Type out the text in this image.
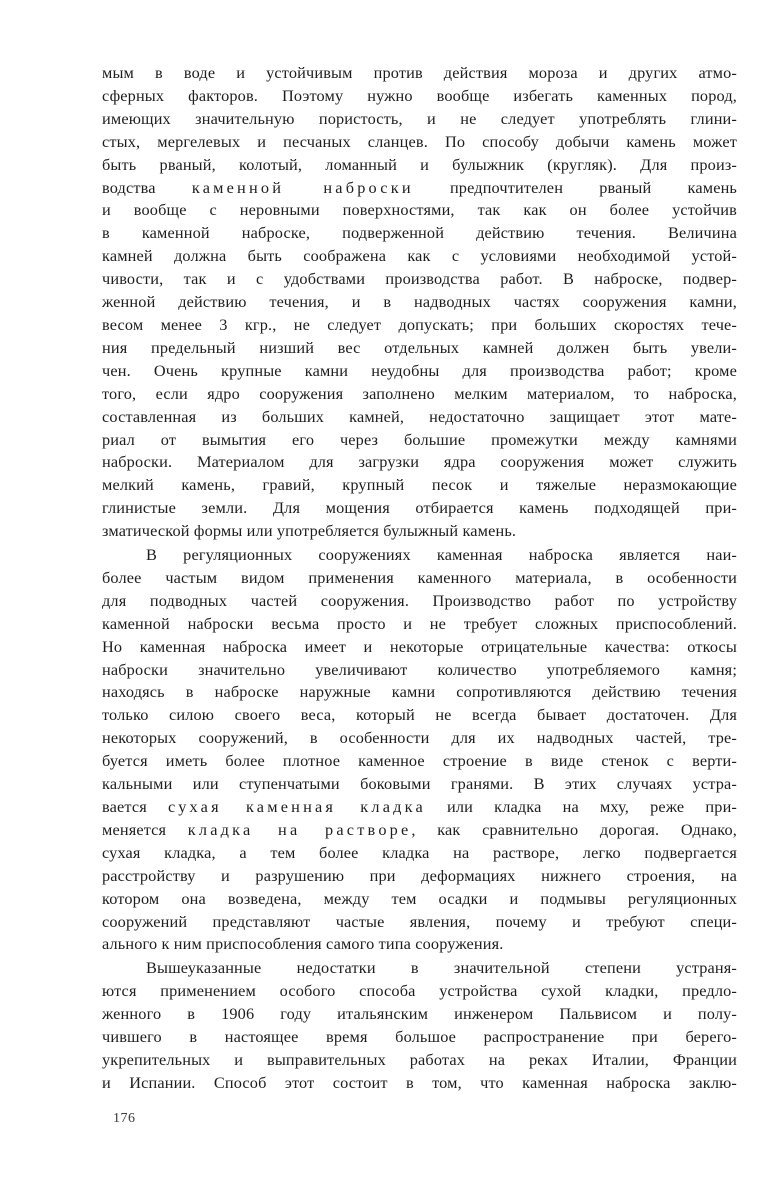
мым в воде и устойчивым против действия мороза и других атмо-
сферных факторов. Поэтому нужно вообще избегать каменных пород,
имеющих значительную пористость, и не следует употреблять глини-
стых, мергелевых и песчаных сланцев. По способу добычи камень может
быть рваный, колотый, ломанный и булыжник (кругляк). Для произ-
водства каменной наброски предпочтителен рваный камень
и вообще с неровными поверхностями, так как он более устойчив
в каменной наброске, подверженной действию течения. Величина
камней должна быть соображена как с условиями необходимой устой-
чивости, так и с удобствами производства работ. В наброске, подвер-
женной действию течения, и в надводных частях сооружения камни,
весом менее 3 кгр., не следует допускать; при больших скоростях тече-
ния предельный низший вес отдельных камней должен быть увели-
чен. Очень крупные камни неудобны для производства работ; кроме
того, если ядро сооружения заполнено мелким материалом, то наброска,
составленная из больших камней, недостаточно защищает этот мате-
риал от вымытия его через большие промежутки между камнями
наброски. Материалом для загрузки ядра сооружения может служить
мелкий камень, гравий, крупный песок и тяжелые неразмокающие
глинистые земли. Для мощения отбирается камень подходящей при-
зматической формы или употребляется булыжный камень.

В регуляционных сооружениях каменная наброска является наи-
более частым видом применения каменного материала, в особенности
для подводных частей сооружения. Производство работ по устройству
каменной наброски весьма просто и не требует сложных приспособлений.
Но каменная наброска имеет и некоторые отрицательные качества: откосы
наброски значительно увеличивают количество употребляемого камня;
находясь в наброске наружные камни сопротивляются действию течения
только силою своего веса, который не всегда бывает достаточен. Для
некоторых сооружений, в особенности для их надводных частей, тре-
буется иметь более плотное каменное строение в виде стенок с верти-
кальными или ступенчатыми боковыми гранями. В этих случаях устра-
вается сухая каменная кладка или кладка на мху, реже при-
меняется кладка на растворе, как сравнительно дорогая. Однако,
сухая кладка, а тем более кладка на растворе, легко подвергается
расстройству и разрушению при деформациях нижнего строения, на
котором она возведена, между тем осадки и подмывы регуляционных
сооружений представляют частые явления, почему и требуют специ-
ального к ним приспособления самого типа сооружения.

Вышеуказанные недостатки в значительной степени устраня-
ются применением особого способа устройства сухой кладки, предло-
женного в 1906 году итальянским инженером Пальвисом и полу-
чившего в настоящее время большое распространение при берего-
укрепительных и выправительных работах на реках Италии, Франции
и Испании. Способ этот состоит в том, что каменная наброска заклю-

176
